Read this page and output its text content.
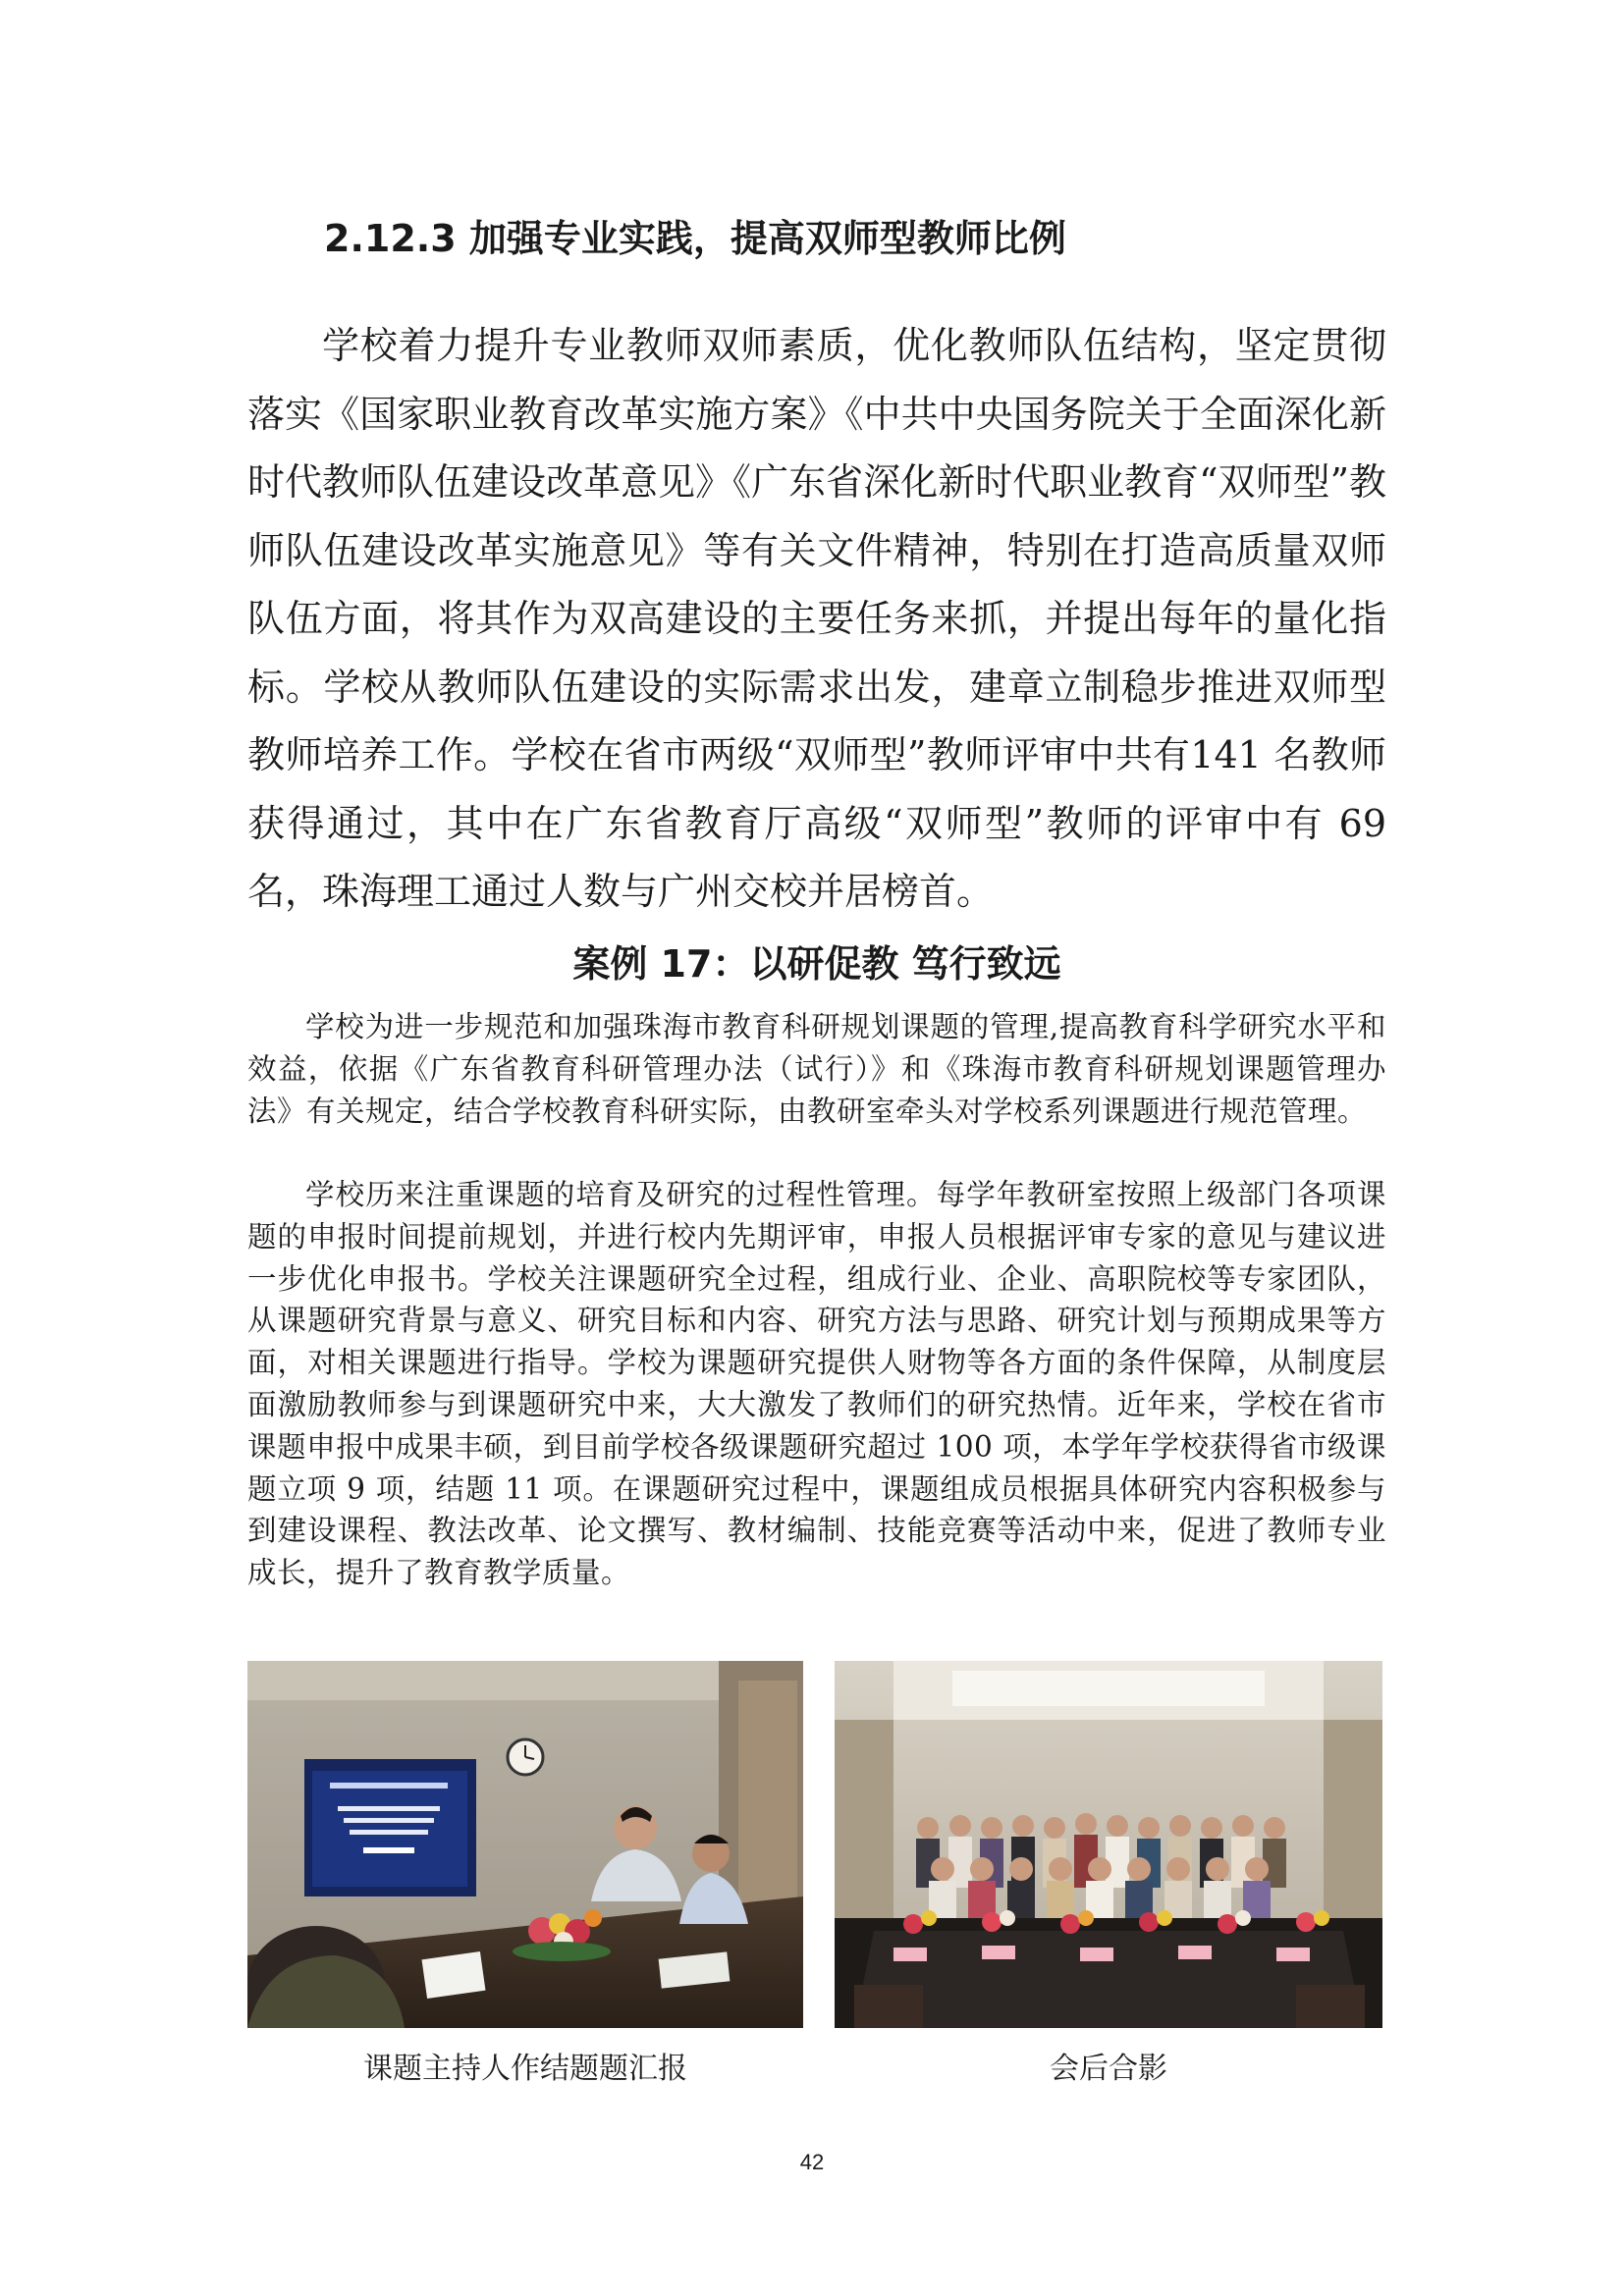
2.12.3 加强专业实践，提高双师型教师比例

学校着力提升专业教师双师素质，优化教师队伍结构，坚定贯彻落实《国家职业教育改革实施方案》《中共中央国务院关于全面深化新时代教师队伍建设改革意见》《广东省深化新时代职业教育“双师型”教师队伍建设改革实施意见》等有关文件精神，特别在打造高质量双师队伍方面，将其作为双高建设的主要任务来抓，并提出每年的量化指标。学校从教师队伍建设的实际需求出发，建章立制稳步推进双师型教师培养工作。学校在省市两级“双师型”教师评审中共有141 名教师获得通过，其中在广东省教育厅高级“双师型”教师的评审中有 69 名，珠海理工通过人数与广州交校并居榜首。

案例 17：以研促教 笃行致远

学校为进一步规范和加强珠海市教育科研规划课题的管理,提高教育科学研究水平和效益，依据《广东省教育科研管理办法（试行）》和《珠海市教育科研规划课题管理办法》有关规定，结合学校教育科研实际，由教研室牵头对学校系列课题进行规范管理。

学校历来注重课题的培育及研究的过程性管理。每学年教研室按照上级部门各项课题的申报时间提前规划，并进行校内先期评审，申报人员根据评审专家的意见与建议进一步优化申报书。学校关注课题研究全过程，组成行业、企业、高职院校等专家团队，从课题研究背景与意义、研究目标和内容、研究方法与思路、研究计划与预期成果等方面，对相关课题进行指导。学校为课题研究提供人财物等各方面的条件保障，从制度层面激励教师参与到课题研究中来，大大激发了教师们的研究热情。近年来，学校在省市课题申报中成果丰硕，到目前学校各级课题研究超过 100 项，本学年学校获得省市级课题立项 9 项，结题 11 项。在课题研究过程中，课题组成员根据具体研究内容积极参与到建设课程、教法改革、论文撰写、教材编制、技能竞赛等活动中来，促进了教师专业成长，提升了教育教学质量。

课题主持人作结题题汇报	会后合影

42
